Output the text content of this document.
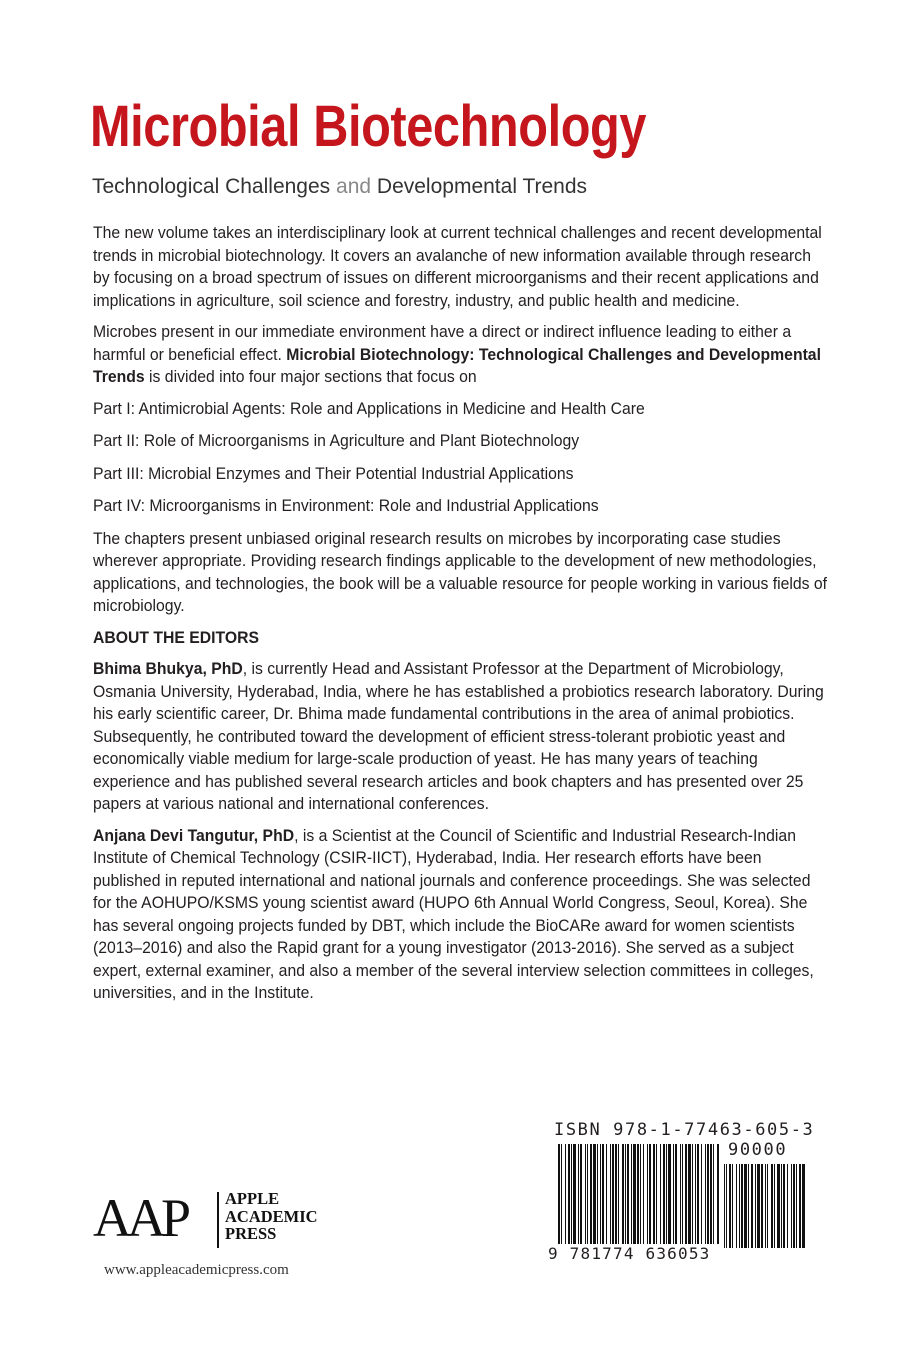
Microbial Biotechnology
Technological Challenges and Developmental Trends

The new volume takes an interdisciplinary look at current technical challenges and recent developmental trends in microbial biotechnology. It covers an avalanche of new information available through research by focusing on a broad spectrum of issues on different microorganisms and their recent applications and implications in agriculture, soil science and forestry, industry, and public health and medicine.

Microbes present in our immediate environment have a direct or indirect influence leading to either a harmful or beneficial effect. Microbial Biotechnology: Technological Challenges and Developmental Trends is divided into four major sections that focus on

Part I: Antimicrobial Agents: Role and Applications in Medicine and Health Care

Part II: Role of Microorganisms in Agriculture and Plant Biotechnology

Part III: Microbial Enzymes and Their Potential Industrial Applications

Part IV: Microorganisms in Environment: Role and Industrial Applications

The chapters present unbiased original research results on microbes by incorporating case studies wherever appropriate. Providing research findings applicable to the development of new methodologies, applications, and technologies, the book will be a valuable resource for people working in various fields of microbiology.

ABOUT THE EDITORS

Bhima Bhukya, PhD, is currently Head and Assistant Professor at the Department of Microbiology, Osmania University, Hyderabad, India, where he has established a probiotics research laboratory. During his early scientific career, Dr. Bhima made fundamental contributions in the area of animal probiotics. Subsequently, he contributed toward the development of efficient stress-tolerant probiotic yeast and economically viable medium for large-scale production of yeast. He has many years of teaching experience and has published several research articles and book chapters and has presented over 25 papers at various national and international conferences.

Anjana Devi Tangutur, PhD, is a Scientist at the Council of Scientific and Industrial Research-Indian Institute of Chemical Technology (CSIR-IICT), Hyderabad, India. Her research efforts have been published in reputed international and national journals and conference proceedings. She was selected for the AOHUPO/KSMS young scientist award (HUPO 6th Annual World Congress, Seoul, Korea). She has several ongoing projects funded by DBT, which include the BioCARe award for women scientists (2013–2016) and also the Rapid grant for a young investigator (2013-2016). She served as a subject expert, external examiner, and also a member of the several interview selection committees in colleges, universities, and in the Institute.

ISBN 978-1-77463-605-3
90000
9 781774 636053
AAP APPLE
ACADEMIC
PRESS
www.appleacademicpress.com
